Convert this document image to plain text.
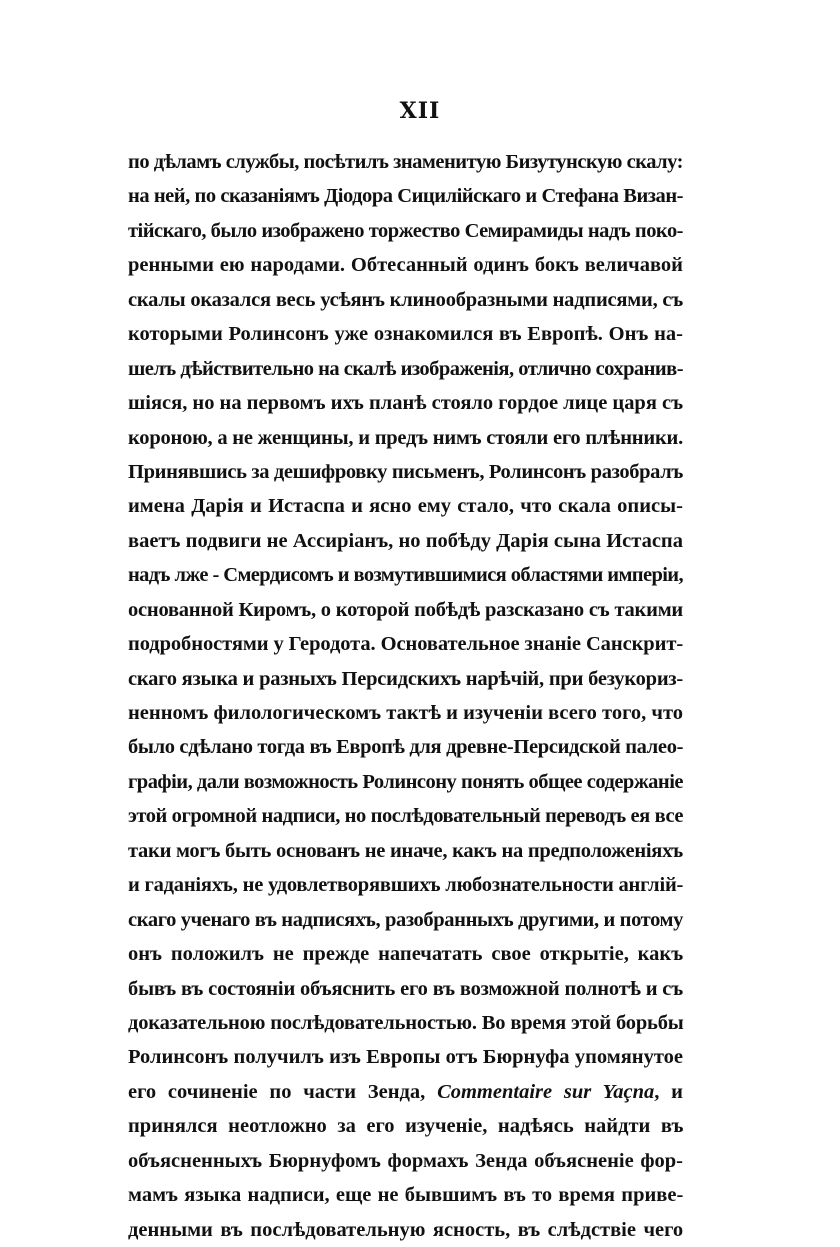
XII
по дѣламъ службы, посѣтилъ знаменитую Бизутунскую скалу:
на ней, по сказаніямъ Діодора Сицилійскаго и Стефана Визан-
тійскаго, было изображено торжество Семирамиды надъ поко-
ренными ею народами. Обтесанный одинъ бокъ величавой
скалы оказался весь усѣянъ клинообразными надписями, съ
которыми Ролинсонъ уже ознакомился въ Европѣ. Онъ на-
шелъ дѣйствительно на скалѣ изображенія, отлично сохранив-
шіяся, но на первомъ ихъ планѣ стояло гордое лице царя съ
короною, а не женщины, и предъ нимъ стояли его плѣнники.
Принявшись за дешифровку письменъ, Ролинсонъ разобралъ
имена Дарія и Истаспа и ясно ему стало, что скала описы-
ваетъ подвиги не Ассиріанъ, но побѣду Дарія сына Истаспа
надъ лже - Смердисомъ и возмутившимися областями имперіи,
основанной Киромъ, о которой побѣдѣ разсказано съ такими
подробностями у Геродота. Основательное знаніе Санскрит-
скаго языка и разныхъ Персидскихъ нарѣчій, при безукориз-
ненномъ филологическомъ тактѣ и изученіи всего того, что
было сдѣлано тогда въ Европѣ для древне-Персидской палео-
графіи, дали возможность Ролинсону понять общее содержаніе
этой огромной надписи, но послѣдовательный переводъ ея все
таки могъ быть основанъ не иначе, какъ на предположеніяхъ
и гаданіяхъ, не удовлетворявшихъ любознательности англій-
скаго ученаго въ надписяхъ, разобранныхъ другими, и потому
онъ положилъ не прежде напечатать свое открытіе, какъ
бывъ въ состояніи объяснить его въ возможной полнотѣ и съ
доказательною послѣдовательностью. Во время этой борьбы
Ролинсонъ получилъ изъ Европы отъ Бюрнуфа упомянутое
его сочиненіе по части Зенда, Commentaire sur Yaçna, и
принялся неотложно за его изученіе, надѣясь найдти въ
объясненныхъ Бюрнуфомъ формахъ Зенда объясненіе фор-
мамъ языка надписи, еще не бывшимъ въ то время приве-
денными въ послѣдовательную ясность, въ слѣдствіе чего
